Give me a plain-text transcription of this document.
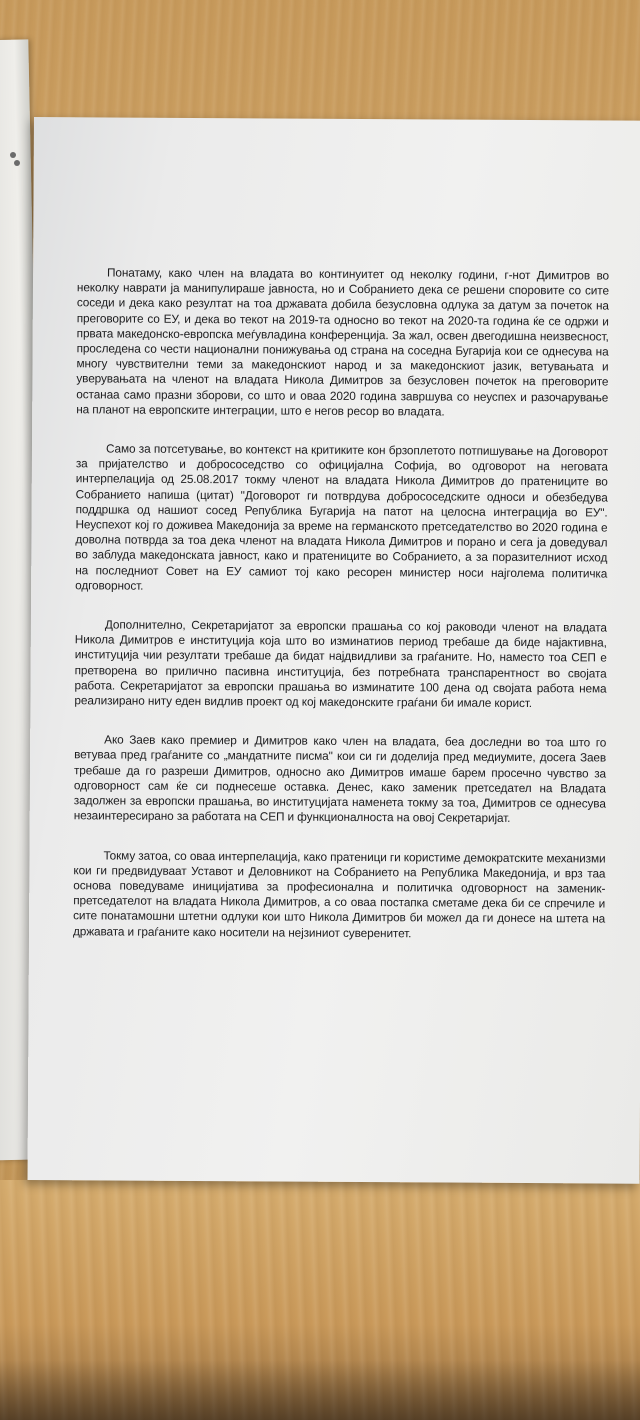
Понатаму, како член на владата во континуитет од неколку години, г-нот Димитров во неколку наврати ја манипулираше јавноста, но и Собранието дека се решени споровите со сите соседи и дека како резултат на тоа државата добила безусловна одлука за датум за почеток на преговорите со ЕУ, и дека во текот на 2019-та односно во текот на 2020-та година ќе се одржи и првата македонско-европска меѓувладина конференција. За жал, освен двегодишна неизвесност, проследена со чести национални понижувања од страна на соседна Бугарија кои се однесува на многу чувствителни теми за македонскиот народ и за македонскиот јазик, ветувањата и уверувањата на членот на владата Никола Димитров за безусловен почеток на преговорите останаа само празни зборови, со што и оваа 2020 година завршува со неуспех и разочарување на планот на европските интеграции, што е негов ресор во владата.

Само за потсетување, во контекст на критиките кон брзоплетото потпишување на Договорот за пријателство и добрососедство со официјална Софија, во одговорот на неговата интерпелација од 25.08.2017 токму членот на владата Никола Димитров до пратениците во Собранието напиша (цитат) "Договорот ги потврдува добрососедските односи и обезбедува поддршка од нашиот сосед Република Бугарија на патот на целосна интеграција во ЕУ". Неуспехот кој го доживеа Македонија за време на германското претседателство во 2020 година е доволна потврда за тоа дека членот на владата Никола Димитров и порано и сега ја доведувал во заблуда македонската јавност, како и пратениците во Собранието, а за поразителниот исход на последниот Совет на ЕУ самиот тој како ресорен министер носи најголема политичка одговорност.

Дополнително, Секретаријатот за европски прашања со кој раководи членот на владата Никола Димитров е институција која што во изминатиов период требаше да биде најактивна, институција чии резултати требаше да бидат најдвидливи за граѓаните. Но, наместо тоа СЕП е претворена во прилично пасивна институција, без потребната транспарентност во својата работа. Секретаријатот за европски прашања во изминатите 100 дена од својата работа нема реализирано ниту еден видлив проект од кој македонските граѓани би имале корист.

Ако Заев како премиер и Димитров како член на владата, беа доследни во тоа што го ветуваа пред граѓаните со „мандатните писма" кои си ги доделија пред медиумите, досега Заев требаше да го разреши Димитров, односно ако Димитров имаше барем просечно чувство за одговорност сам ќе си поднесеше оставка. Денес, како заменик претседател на Владата задолжен за европски прашања, во институцијата наменета токму за тоа, Димитров се однесува незаинтересирано за работата на СЕП и функционалноста на овој Секретаријат.

Токму затоа, со оваа интерпелација, како пратеници ги користиме демократските механизми кои ги предвидуваат Уставот и Деловникот на Собранието на Република Македонија, и врз таа основа поведуваме иницијатива за професионална и политичка одговорност на заменик-претседателот на владата Никола Димитров, а со оваа постапка сметаме дека би се спречиле и сите понатамошни штетни одлуки кои што Никола Димитров би можел да ги донесе на штета на државата и граѓаните како носители на нејзиниот суверенитет.
